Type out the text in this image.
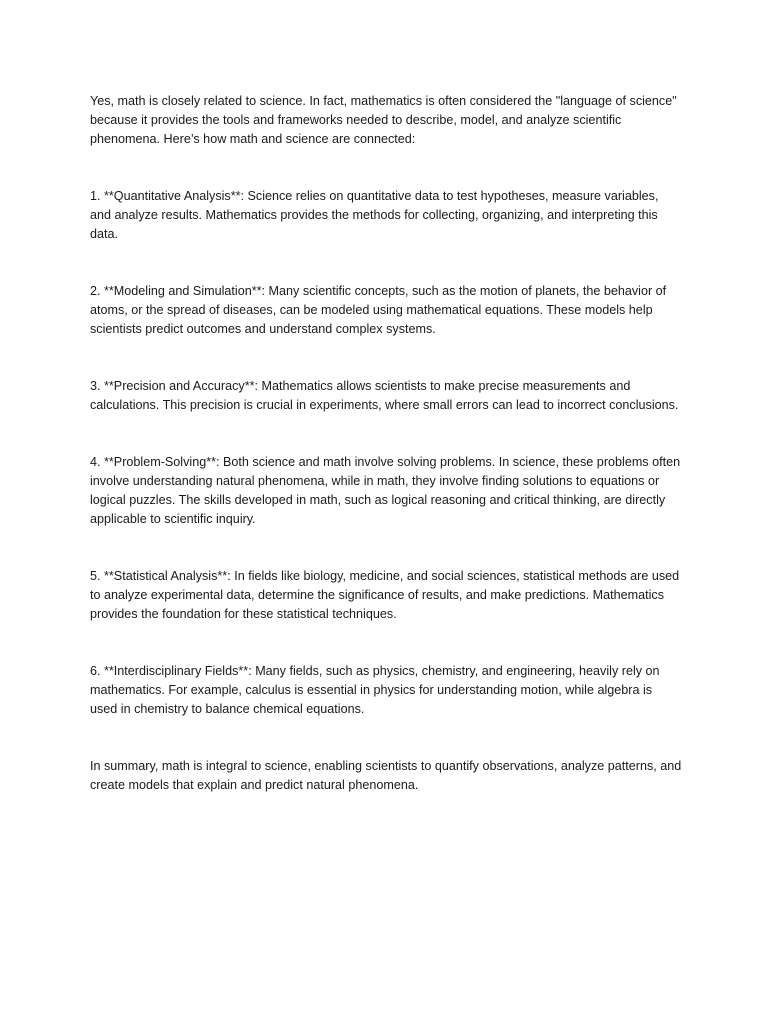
Yes, math is closely related to science. In fact, mathematics is often considered the "language of science" because it provides the tools and frameworks needed to describe, model, and analyze scientific phenomena. Here’s how math and science are connected:

1. **Quantitative Analysis**: Science relies on quantitative data to test hypotheses, measure variables, and analyze results. Mathematics provides the methods for collecting, organizing, and interpreting this data.

2. **Modeling and Simulation**: Many scientific concepts, such as the motion of planets, the behavior of atoms, or the spread of diseases, can be modeled using mathematical equations. These models help scientists predict outcomes and understand complex systems.

3. **Precision and Accuracy**: Mathematics allows scientists to make precise measurements and calculations. This precision is crucial in experiments, where small errors can lead to incorrect conclusions.

4. **Problem-Solving**: Both science and math involve solving problems. In science, these problems often involve understanding natural phenomena, while in math, they involve finding solutions to equations or logical puzzles. The skills developed in math, such as logical reasoning and critical thinking, are directly applicable to scientific inquiry.

5. **Statistical Analysis**: In fields like biology, medicine, and social sciences, statistical methods are used to analyze experimental data, determine the significance of results, and make predictions. Mathematics provides the foundation for these statistical techniques.

6. **Interdisciplinary Fields**: Many fields, such as physics, chemistry, and engineering, heavily rely on mathematics. For example, calculus is essential in physics for understanding motion, while algebra is used in chemistry to balance chemical equations.

In summary, math is integral to science, enabling scientists to quantify observations, analyze patterns, and create models that explain and predict natural phenomena.
